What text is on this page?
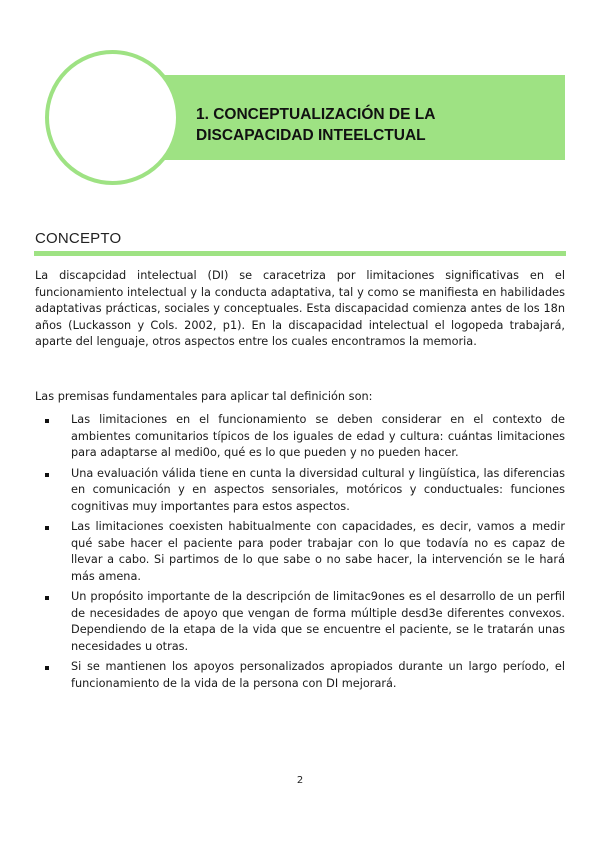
1. CONCEPTUALIZACIÓN DE LA
DISCAPACIDAD INTEELCTUAL
CONCEPTO

La discapcidad intelectual (DI) se caracetriza por limitaciones significativas en el funcionamiento intelectual y la conducta adaptativa, tal y como se manifiesta en habilidades adaptativas prácticas, sociales y conceptuales. Esta discapacidad comienza antes de los 18n años (Luckasson y Cols. 2002, p1). En la discapacidad intelectual el logopeda trabajará, aparte del lenguaje, otros aspectos entre los cuales encontramos la memoria.

Las premisas fundamentales para aplicar tal definición son:

Las limitaciones en el funcionamiento se deben considerar en el contexto de ambientes comunitarios típicos de los iguales de edad y cultura: cuántas limitaciones para adaptarse al medi0o, qué es lo que pueden y no pueden hacer.
Una evaluación válida tiene en cunta la diversidad cultural y lingüística, las diferencias en comunicación y en aspectos sensoriales, motóricos y conductuales: funciones cognitivas muy importantes para estos aspectos.
Las limitaciones coexisten habitualmente con capacidades, es decir, vamos a medir qué sabe hacer el paciente para poder trabajar con lo que todavía no es capaz de llevar a cabo. Si partimos de lo que sabe o no sabe hacer, la intervención se le hará más amena.
Un propósito importante de la descripción de limitac9ones es el desarrollo de un perfil de necesidades de apoyo que vengan de forma múltiple desd3e diferentes convexos. Dependiendo de la etapa de la vida que se encuentre el paciente, se le tratarán unas necesidades u otras.
Si se mantienen los apoyos personalizados apropiados durante un largo período, el funcionamiento de la vida de la persona con DI mejorará.
2
